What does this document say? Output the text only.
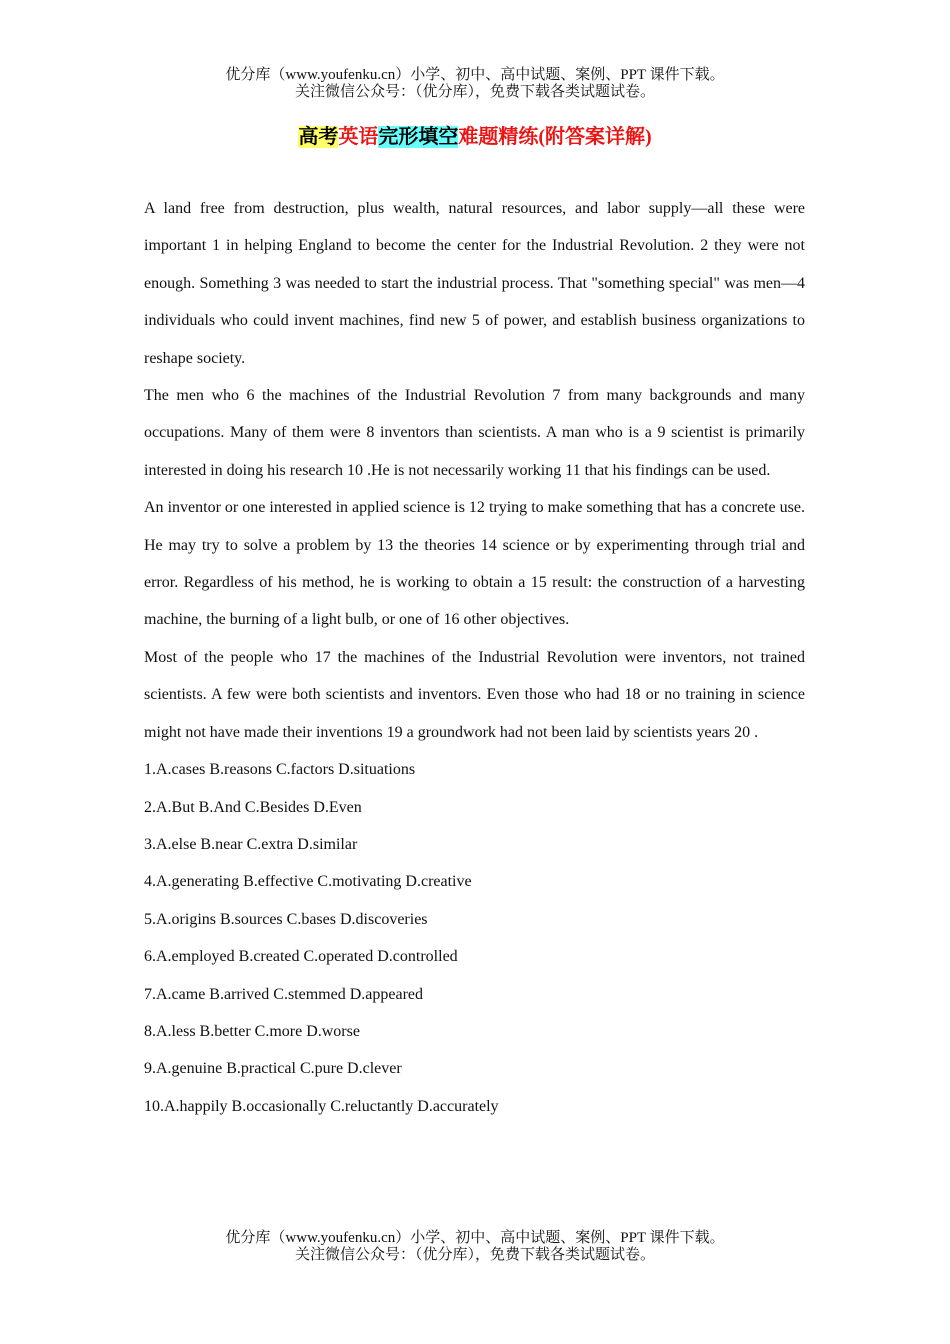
优分库（www.youfenku.cn）小学、初中、高中试题、案例、PPT 课件下载。
关注微信公众号：（优分库），免费下载各类试题试卷。
高考英语完形填空难题精练(附答案详解)

A land free from destruction, plus wealth, natural resources, and labor supply—all these were important 1 in helping England to become the center for the Industrial Revolution. 2 they were not enough. Something 3 was needed to start the industrial process. That "something special" was men—4 individuals who could invent machines, find new 5 of power, and establish business organizations to reshape society.

The men who 6 the machines of the Industrial Revolution 7 from many backgrounds and many occupations. Many of them were 8 inventors than scientists. A man who is a 9 scientist is primarily interested in doing his research 10 .He is not necessarily working 11 that his findings can be used.

An inventor or one interested in applied science is 12 trying to make something that has a concrete use. He may try to solve a problem by 13 the theories 14 science or by experimenting through trial and error. Regardless of his method, he is working to obtain a 15 result: the construction of a harvesting machine, the burning of a light bulb, or one of 16 other objectives.

Most of the people who 17 the machines of the Industrial Revolution were inventors, not trained scientists. A few were both scientists and inventors. Even those who had 18 or no training in science might not have made their inventions 19 a groundwork had not been laid by scientists years 20 .

1.A.cases B.reasons C.factors D.situations
2.A.But B.And C.Besides D.Even
3.A.else B.near C.extra D.similar
4.A.generating B.effective C.motivating D.creative
5.A.origins B.sources C.bases D.discoveries
6.A.employed B.created C.operated D.controlled
7.A.came B.arrived C.stemmed D.appeared
8.A.less B.better C.more D.worse
9.A.genuine B.practical C.pure D.clever
10.A.happily B.occasionally C.reluctantly D.accurately
优分库（www.youfenku.cn）小学、初中、高中试题、案例、PPT 课件下载。
关注微信公众号：（优分库），免费下载各类试题试卷。
